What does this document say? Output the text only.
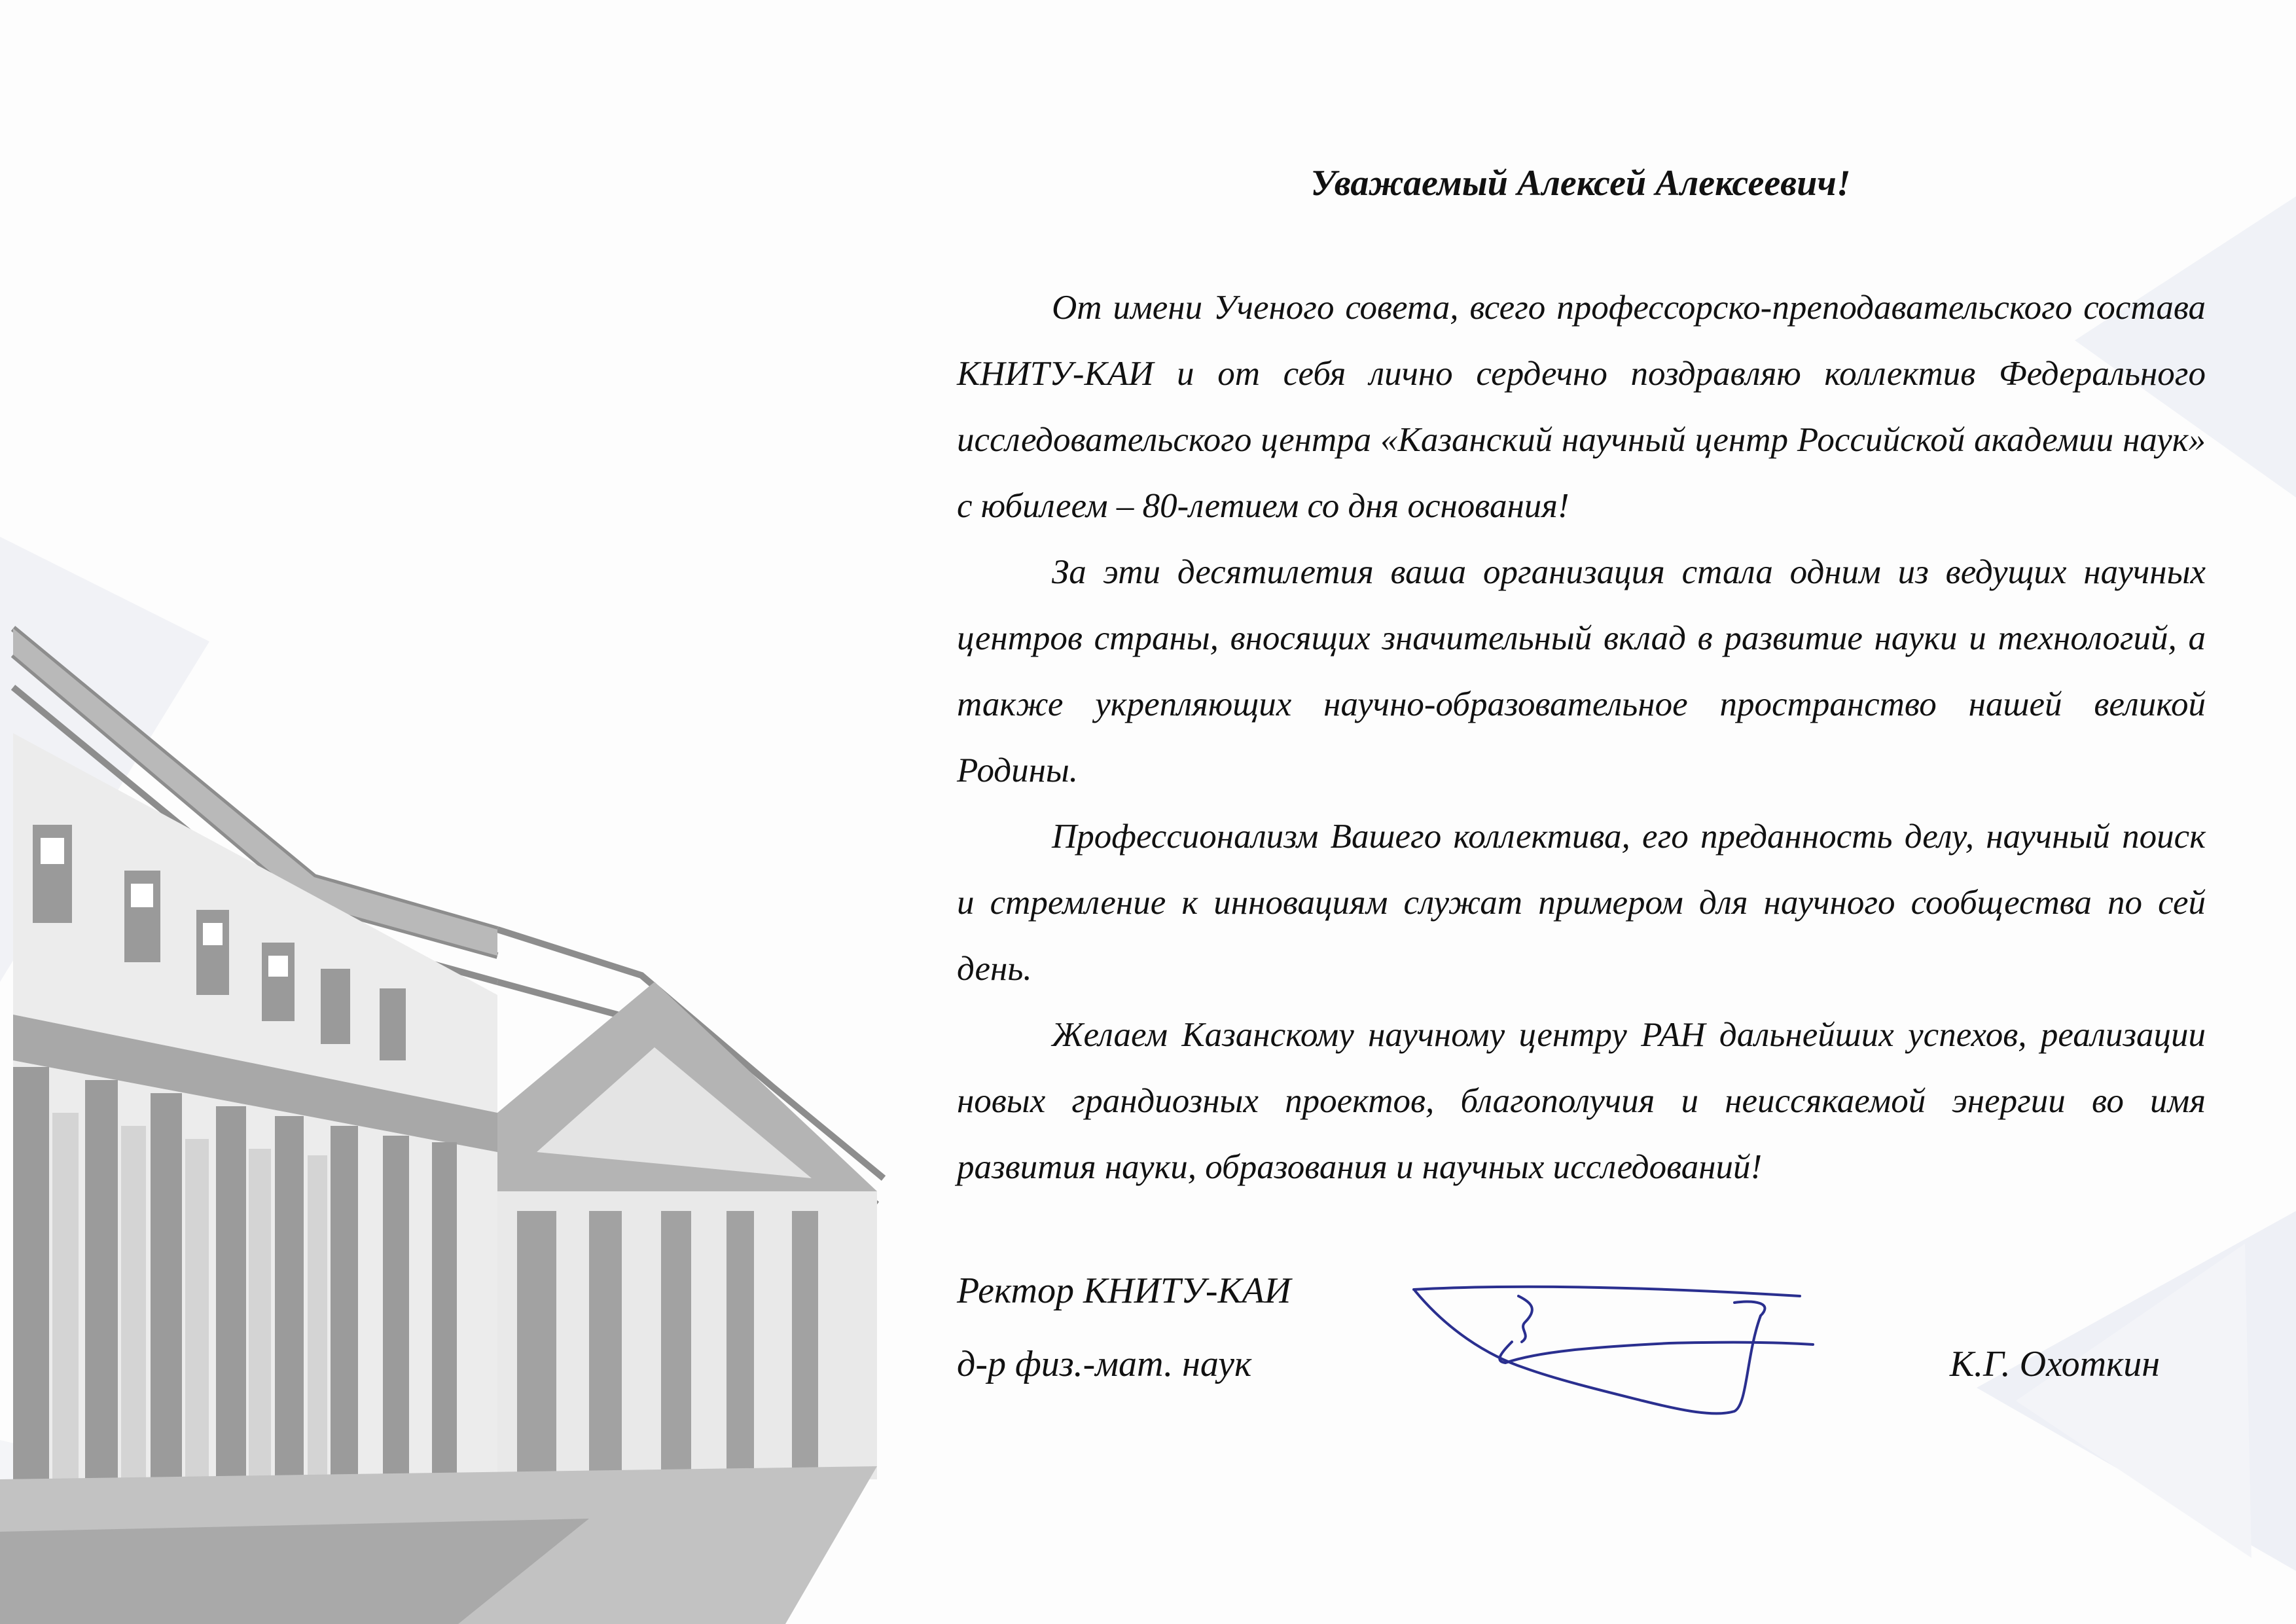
Уважаемый Алексей Алексеевич!

От имени Ученого совета, всего профессорско-преподавательского состава КНИТУ-КАИ и от себя лично сердечно поздравляю коллектив Федерального исследовательского центра «Казанский научный центр Российской академии наук» с юбилеем – 80-летием со дня основания!

За эти десятилетия ваша организация стала одним из ведущих научных центров страны, вносящих значительный вклад в развитие науки и технологий, а также укрепляющих научно-образовательное пространство нашей великой Родины.

Профессионализм Вашего коллектива, его преданность делу, научный поиск и стремление к инновациям служат примером для научного сообщества по сей день.

Желаем Казанскому научному центру РАН дальнейших успехов, реализации новых грандиозных проектов, благополучия и неиссякаемой энергии во имя развития науки, образования и научных исследований!

Ректор КНИТУ-КАИ

д-р физ.-мат. наук	К.Г. Охоткин
